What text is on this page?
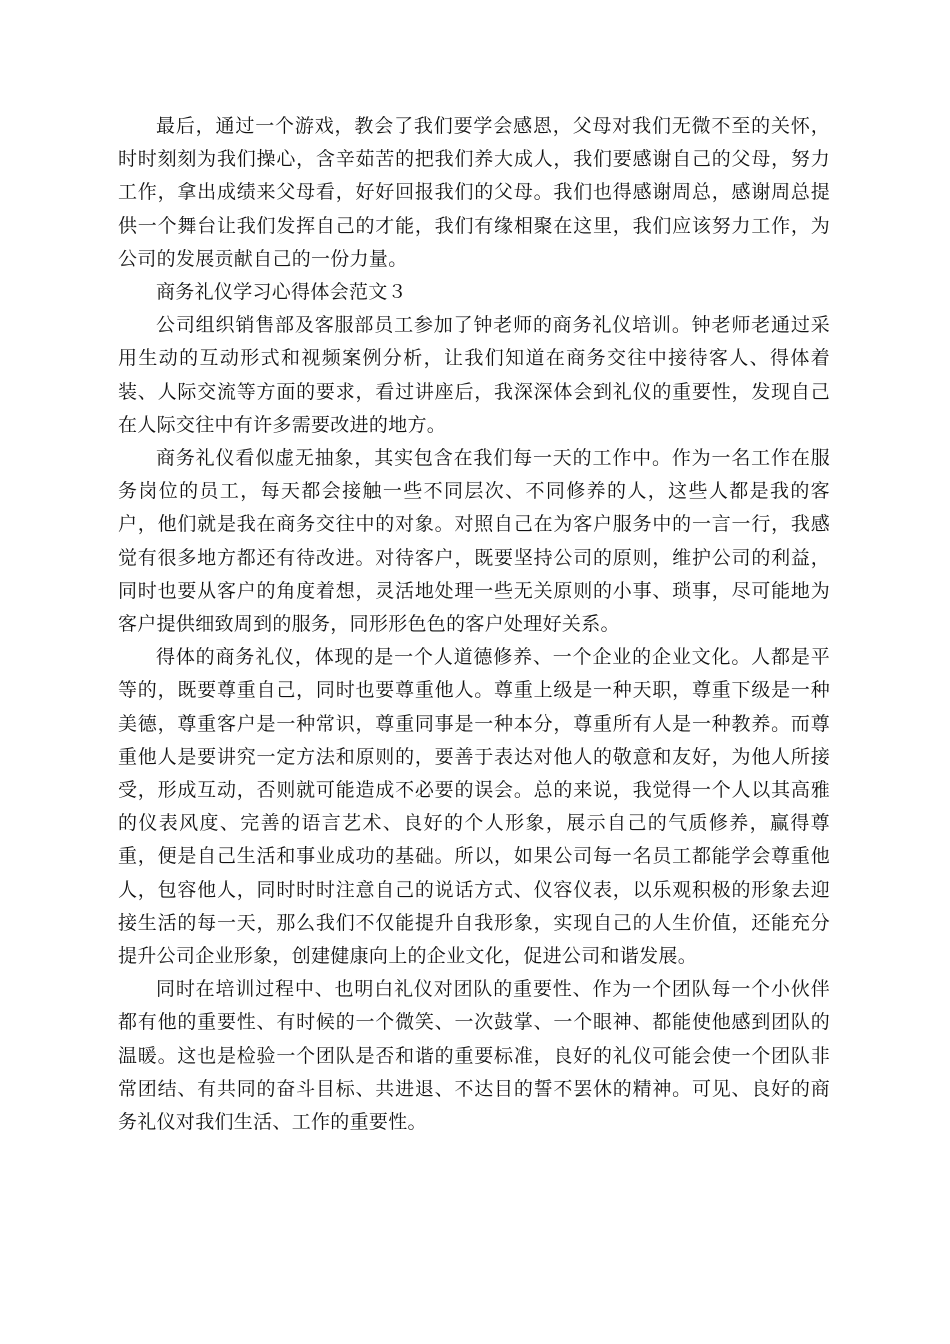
最后，通过一个游戏，教会了我们要学会感恩，父母对我们无微不至的关怀，时时刻刻为我们操心，含辛茹苦的把我们养大成人，我们要感谢自己的父母，努力工作，拿出成绩来父母看，好好回报我们的父母。我们也得感谢周总，感谢周总提供一个舞台让我们发挥自己的才能，我们有缘相聚在这里，我们应该努力工作，为公司的发展贡献自己的一份力量。

商务礼仪学习心得体会范文３

公司组织销售部及客服部员工参加了钟老师的商务礼仪培训。钟老师老通过采用生动的互动形式和视频案例分析，让我们知道在商务交往中接待客人、得体着装、人际交流等方面的要求，看过讲座后，我深深体会到礼仪的重要性，发现自己在人际交往中有许多需要改进的地方。

商务礼仪看似虚无抽象，其实包含在我们每一天的工作中。作为一名工作在服务岗位的员工，每天都会接触一些不同层次、不同修养的人，这些人都是我的客户，他们就是我在商务交往中的对象。对照自己在为客户服务中的一言一行，我感觉有很多地方都还有待改进。对待客户，既要坚持公司的原则，维护公司的利益，同时也要从客户的角度着想，灵活地处理一些无关原则的小事、琐事，尽可能地为客户提供细致周到的服务，同形形色色的客户处理好关系。

得体的商务礼仪，体现的是一个人道德修养、一个企业的企业文化。人都是平等的，既要尊重自己，同时也要尊重他人。尊重上级是一种天职，尊重下级是一种美德，尊重客户是一种常识，尊重同事是一种本分，尊重所有人是一种教养。而尊重他人是要讲究一定方法和原则的，要善于表达对他人的敬意和友好，为他人所接受，形成互动，否则就可能造成不必要的误会。总的来说，我觉得一个人以其高雅的仪表风度、完善的语言艺术、良好的个人形象，展示自己的气质修养，赢得尊重，便是自己生活和事业成功的基础。所以，如果公司每一名员工都能学会尊重他人，包容他人，同时时时注意自己的说话方式、仪容仪表，以乐观积极的形象去迎接生活的每一天，那么我们不仅能提升自我形象，实现自己的人生价值，还能充分提升公司企业形象，创建健康向上的企业文化，促进公司和谐发展。

同时在培训过程中、也明白礼仪对团队的重要性、作为一个团队每一个小伙伴都有他的重要性、有时候的一个微笑、一次鼓掌、一个眼神、都能使他感到团队的温暖。这也是检验一个团队是否和谐的重要标准，良好的礼仪可能会使一个团队非常团结、有共同的奋斗目标、共进退、不达目的誓不罢休的精神。可见、良好的商务礼仪对我们生活、工作的重要性。
